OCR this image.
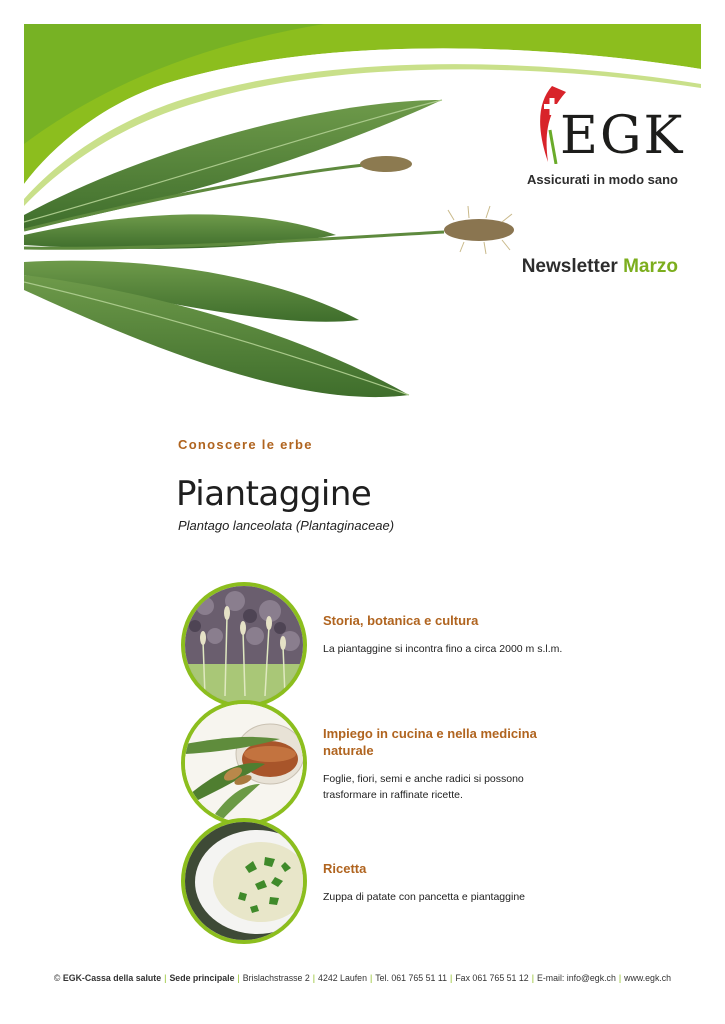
EGK
Assicurati in modo sano
Newsletter Marzo
Conoscere le erbe
Piantaggine
Plantago lanceolata (Plantaginaceae)
Storia, botanica e cultura

La piantaggine si incontra fino a circa 2000 m s.l.m.

Impiego in cucina e nella medicina naturale

Foglie, fiori, semi e anche radici si possono trasformare in raffinate ricette.

Ricetta

Zuppa di patate con pancetta e piantaggine

© EGK-Cassa della salute | Sede principale | Brislachstrasse 2 | 4242 Laufen | Tel. 061 765 51 11 | Fax 061 765 51 12 | E-mail: info@egk.ch | www.egk.ch
